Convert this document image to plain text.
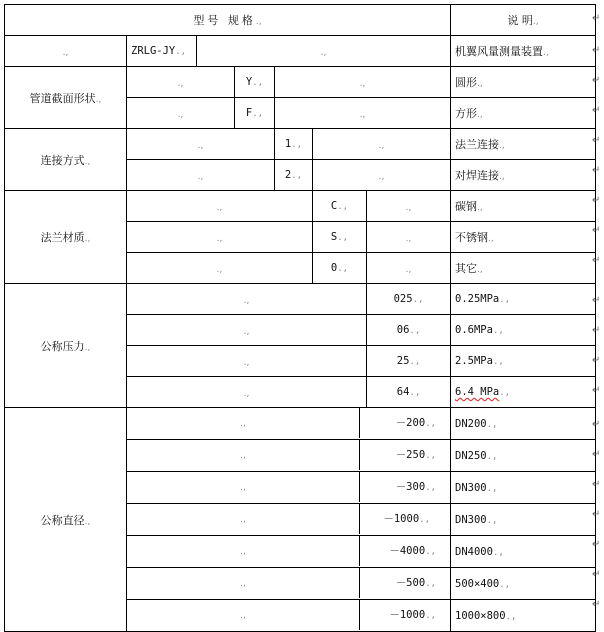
型号 规格.,							说 明.,
.,	ZRLG-JY.,	.,					机翼风量测量装置.,
管道截面形状.,	.,		Y.,	.,			圆形.,
	.,		F.,	.,			方形.,
连接方式.,	.,			1.,	.,		法兰连接.,
	.,			2.,	.,		对焊连接.,
法兰材质.,	.,				C.,	.,	碳钢.,
	.,				S.,	.,	不锈钢.,
	.,				0.,	.,	其它.,
公称压力.,	.,					025.,	0.25MPa.,
	.,					06.,	0.6MPa.,
	.,					25.,	2.5MPa.,
	.,					64.,	6.4 MPa.,
公称直径.,	., －200.,						DN200.,

	., －250.,						DN250.,

	., －300.,						DN300.,

	., －1000.,						DN300.,

	., －4000.,						DN4000.,

	., －500.,						500×400.,

	., －1000.,						1000×800.,
↵
↵
↵
↵
↵
↵
↵
↵
↵
↵
↵
↵
↵
↵
↵
↵
↵
↵
↵
↵
